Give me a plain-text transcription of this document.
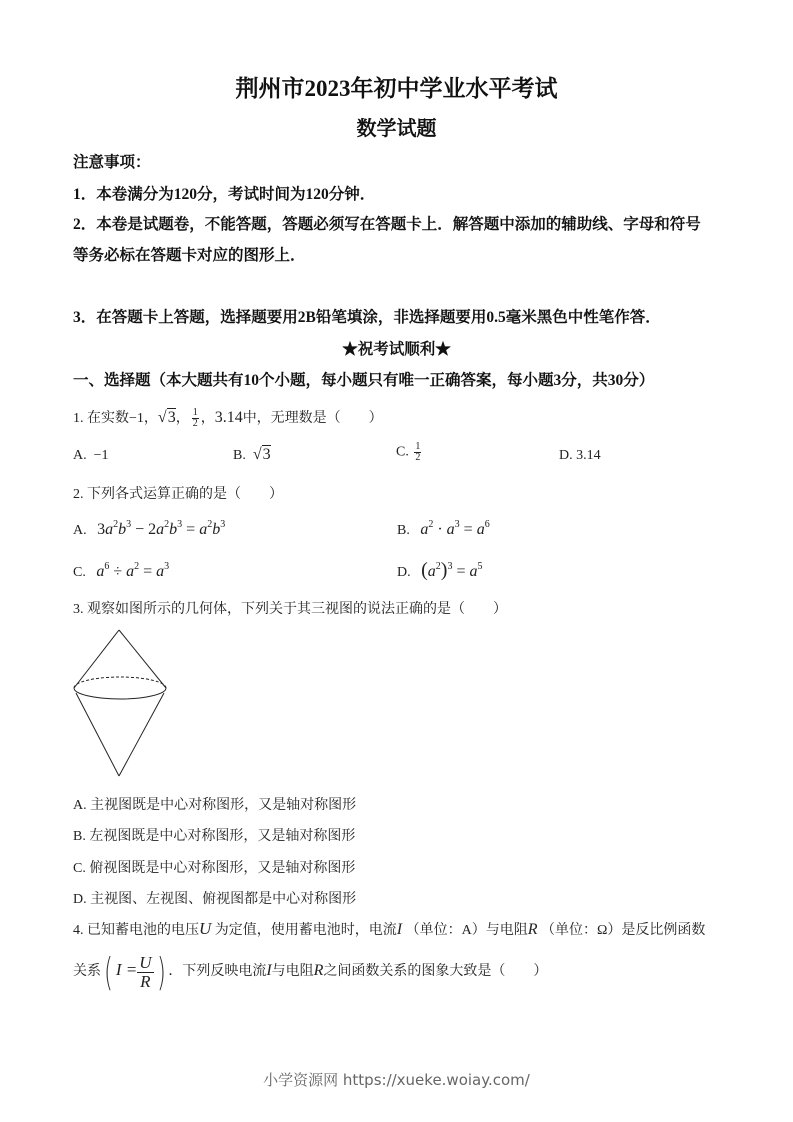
荆州市2023年初中学业水平考试
数学试题
注意事项：
1．本卷满分为120分，考试时间为120分钟．
2．本卷是试题卷，不能答题，答题必须写在答题卡上．解答题中添加的辅助线、字母和符号
等务必标在答题卡对应的图形上．
3．在答题卡上答题，选择题要用2B铅笔填涂，非选择题要用0.5毫米黑色中性笔作答．
★祝考试顺利★
一、选择题（本大题共有10个小题，每小题只有唯一正确答案，每小题3分，共30分）
1. 在实数−1，√3， $\frac{1}{2}$ ，3.14中，无理数是（　　）
A. −1	B. √3	C. $\frac{1}{2}$	D. 3.14
2. 下列各式运算正确的是（　　）
A. $3a^2b^3 - 2a^2b^3 = a^2b^3$	B. $a^2 \cdot a^3 = a^6$
C. $a^6 \div a^2 = a^3$	D. $(a^2)^3 = a^5$
3. 观察如图所示的几何体，下列关于其三视图的说法正确的是（　　）
A. 主视图既是中心对称图形，又是轴对称图形
B. 左视图既是中心对称图形，又是轴对称图形
C. 俯视图既是中心对称图形，又是轴对称图形
D. 主视图、左视图、俯视图都是中心对称图形
4. 已知蓄电池的电压U 为定值，使用蓄电池时，电流I （单位：A）与电阻R （单位：Ω）是反比例函数
关系( $I = \frac{U}{R}$ ) ．下列反映电流I与电阻R之间函数关系的图象大致是（　　）
小学资源网 https://xueke.woiay.com/
